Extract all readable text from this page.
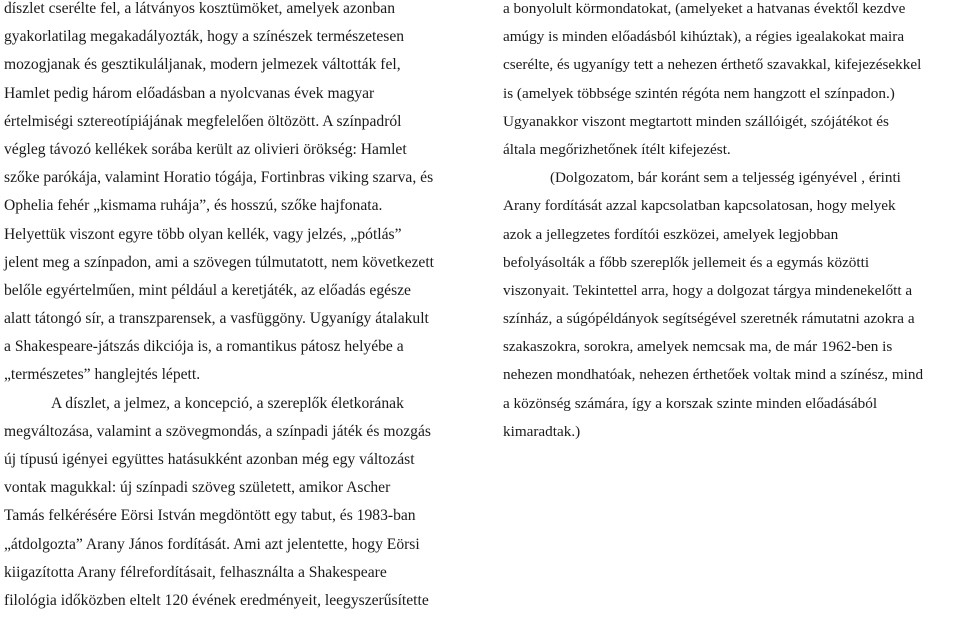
díszlet cserélte fel, a látványos kosztümöket, amelyek azonban
gyakorlatilag megakadályozták, hogy a színészek természetesen
mozogjanak és gesztikuláljanak, modern jelmezek váltották fel,
Hamlet pedig három előadásban a nyolcvanas évek magyar
értelmiségi sztereotípiájának megfelelően öltözött. A színpadról
végleg távozó kellékek sorába került az olivieri örökség: Hamlet
szőke parókája, valamint Horatio tógája, Fortinbras viking szarva, és
Ophelia fehér „kismama ruhája”, és hosszú, szőke hajfonata.
Helyettük viszont egyre több olyan kellék, vagy jelzés, „pótlás”
jelent meg a színpadon, ami a szövegen túlmutatott, nem következett
belőle egyértelműen, mint például a keretjáték, az előadás egésze
alatt tátongó sír, a transzparensek, a vasfüggöny. Ugyanígy átalakult
a Shakespeare-játszás dikciója is, a romantikus pátosz helyébe a
„természetes” hanglejtés lépett.
A díszlet, a jelmez, a koncepció, a szereplők életkorának
megváltozása, valamint a szövegmondás, a színpadi játék és mozgás
új típusú igényei együttes hatásukként azonban még egy változást
vontak magukkal: új színpadi szöveg született, amikor Ascher
Tamás felkérésére Eörsi István megdöntött egy tabut, és 1983-ban
„átdolgozta” Arany János fordítását. Ami azt jelentette, hogy Eörsi
kiigazította Arany félrefordításait, felhasználta a Shakespeare
filológia időközben eltelt 120 évének eredményeit, leegyszerűsítette
a bonyolult körmondatokat, (amelyeket a hatvanas évektől kezdve
amúgy is minden előadásból kihúztak), a régies igealakokat maira
cserélte, és ugyanígy tett a nehezen érthető szavakkal, kifejezésekkel
is (amelyek többsége szintén régóta nem hangzott el színpadon.)
Ugyanakkor viszont megtartott minden szállóigét, szójátékot és
általa megőrizhetőnek ítélt kifejezést.
(Dolgozatom, bár koránt sem a teljesség igényével , érinti
Arany fordítását azzal kapcsolatban kapcsolatosan, hogy melyek
azok a jellegzetes fordítói eszközei, amelyek legjobban
befolyásolták a főbb szereplők jellemeit és a egymás közötti
viszonyait. Tekintettel arra, hogy a dolgozat tárgya mindenekelőtt a
színház, a súgópéldányok segítségével szeretnék rámutatni azokra a
szakaszokra, sorokra, amelyek nemcsak ma, de már 1962-ben is
nehezen mondhatóak, nehezen érthetőek voltak mind a színész, mind
a közönség számára, így a korszak szinte minden előadásából
kimaradtak.)
